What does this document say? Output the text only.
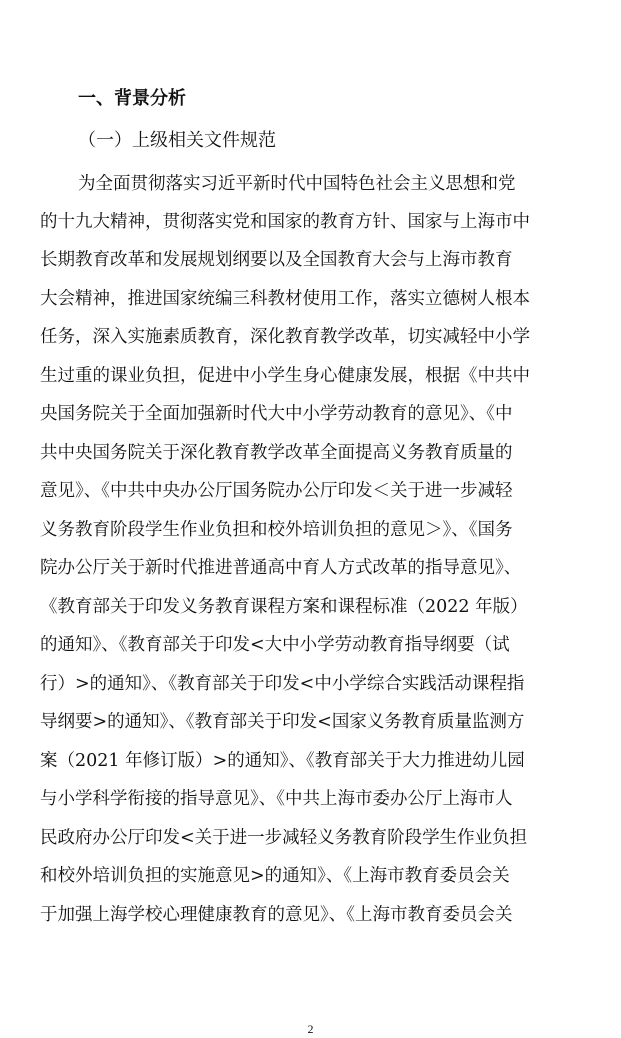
一、背景分析
（一）上级相关文件规范
为全面贯彻落实习近平新时代中国特色社会主义思想和党
的十九大精神，贯彻落实党和国家的教育方针、国家与上海市中
长期教育改革和发展规划纲要以及全国教育大会与上海市教育
大会精神，推进国家统编三科教材使用工作，落实立德树人根本
任务，深入实施素质教育，深化教育教学改革，切实减轻中小学
生过重的课业负担，促进中小学生身心健康发展，根据《中共中
央国务院关于全面加强新时代大中小学劳动教育的意见》、《中
共中央国务院关于深化教育教学改革全面提高义务教育质量的
意见》、《中共中央办公厅国务院办公厅印发＜关于进一步减轻
义务教育阶段学生作业负担和校外培训负担的意见＞》、《国务
院办公厅关于新时代推进普通高中育人方式改革的指导意见》、
《教育部关于印发义务教育课程方案和课程标准（2022 年版）
的通知》、《教育部关于印发<大中小学劳动教育指导纲要（试
行）>的通知》、《教育部关于印发<中小学综合实践活动课程指
导纲要>的通知》、《教育部关于印发<国家义务教育质量监测方
案（2021 年修订版）>的通知》、《教育部关于大力推进幼儿园
与小学科学衔接的指导意见》、《中共上海市委办公厅上海市人
民政府办公厅印发<关于进一步减轻义务教育阶段学生作业负担
和校外培训负担的实施意见>的通知》、《上海市教育委员会关
于加强上海学校心理健康教育的意见》、《上海市教育委员会关
2
